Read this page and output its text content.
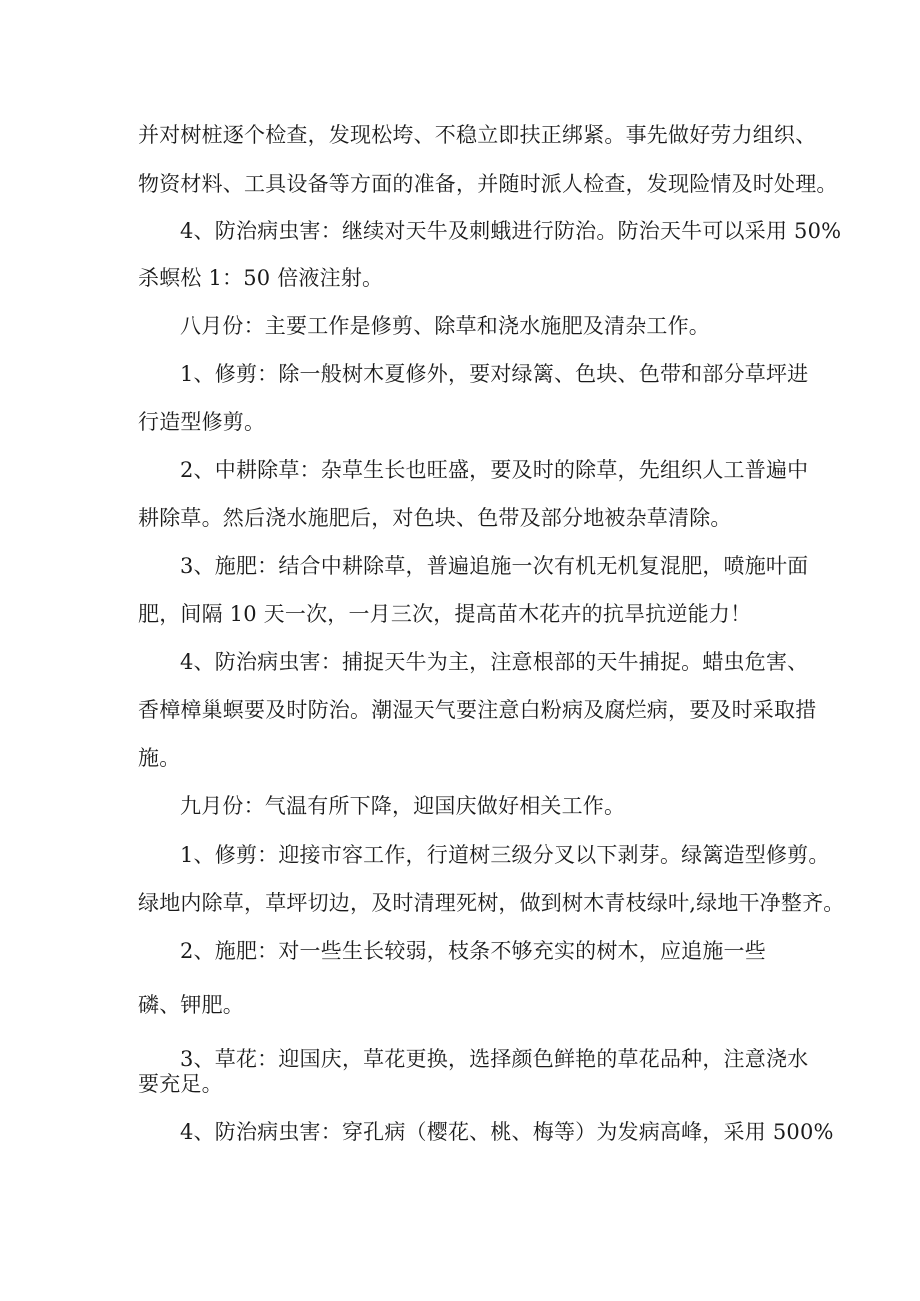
并对树桩逐个检查，发现松垮、不稳立即扶正绑紧。事先做好劳力组织、
物资材料、工具设备等方面的准备，并随时派人检查，发现险情及时处理。
4、防治病虫害：继续对天牛及刺蛾进行防治。防治天牛可以采用 50%
杀螟松 1：50 倍液注射。
八月份：主要工作是修剪、除草和浇水施肥及清杂工作。
1、修剪：除一般树木夏修外，要对绿篱、色块、色带和部分草坪进
行造型修剪。
2、中耕除草：杂草生长也旺盛，要及时的除草，先组织人工普遍中
耕除草。然后浇水施肥后，对色块、色带及部分地被杂草清除。
3、施肥：结合中耕除草，普遍追施一次有机无机复混肥，喷施叶面
肥，间隔 10 天一次，一月三次，提高苗木花卉的抗旱抗逆能力！
4、防治病虫害：捕捉天牛为主，注意根部的天牛捕捉。蜡虫危害、
香樟樟巢螟要及时防治。潮湿天气要注意白粉病及腐烂病，要及时采取措
施。
九月份：气温有所下降，迎国庆做好相关工作。
1、修剪：迎接市容工作，行道树三级分叉以下剥芽。绿篱造型修剪。
绿地内除草，草坪切边，及时清理死树，做到树木青枝绿叶,绿地干净整齐。
2、施肥：对一些生长较弱，枝条不够充实的树木，应追施一些
磷、钾肥。
3、草花：迎国庆，草花更换，选择颜色鲜艳的草花品种，注意浇水
要充足。
4、防治病虫害：穿孔病（樱花、桃、梅等）为发病高峰，采用 500%
